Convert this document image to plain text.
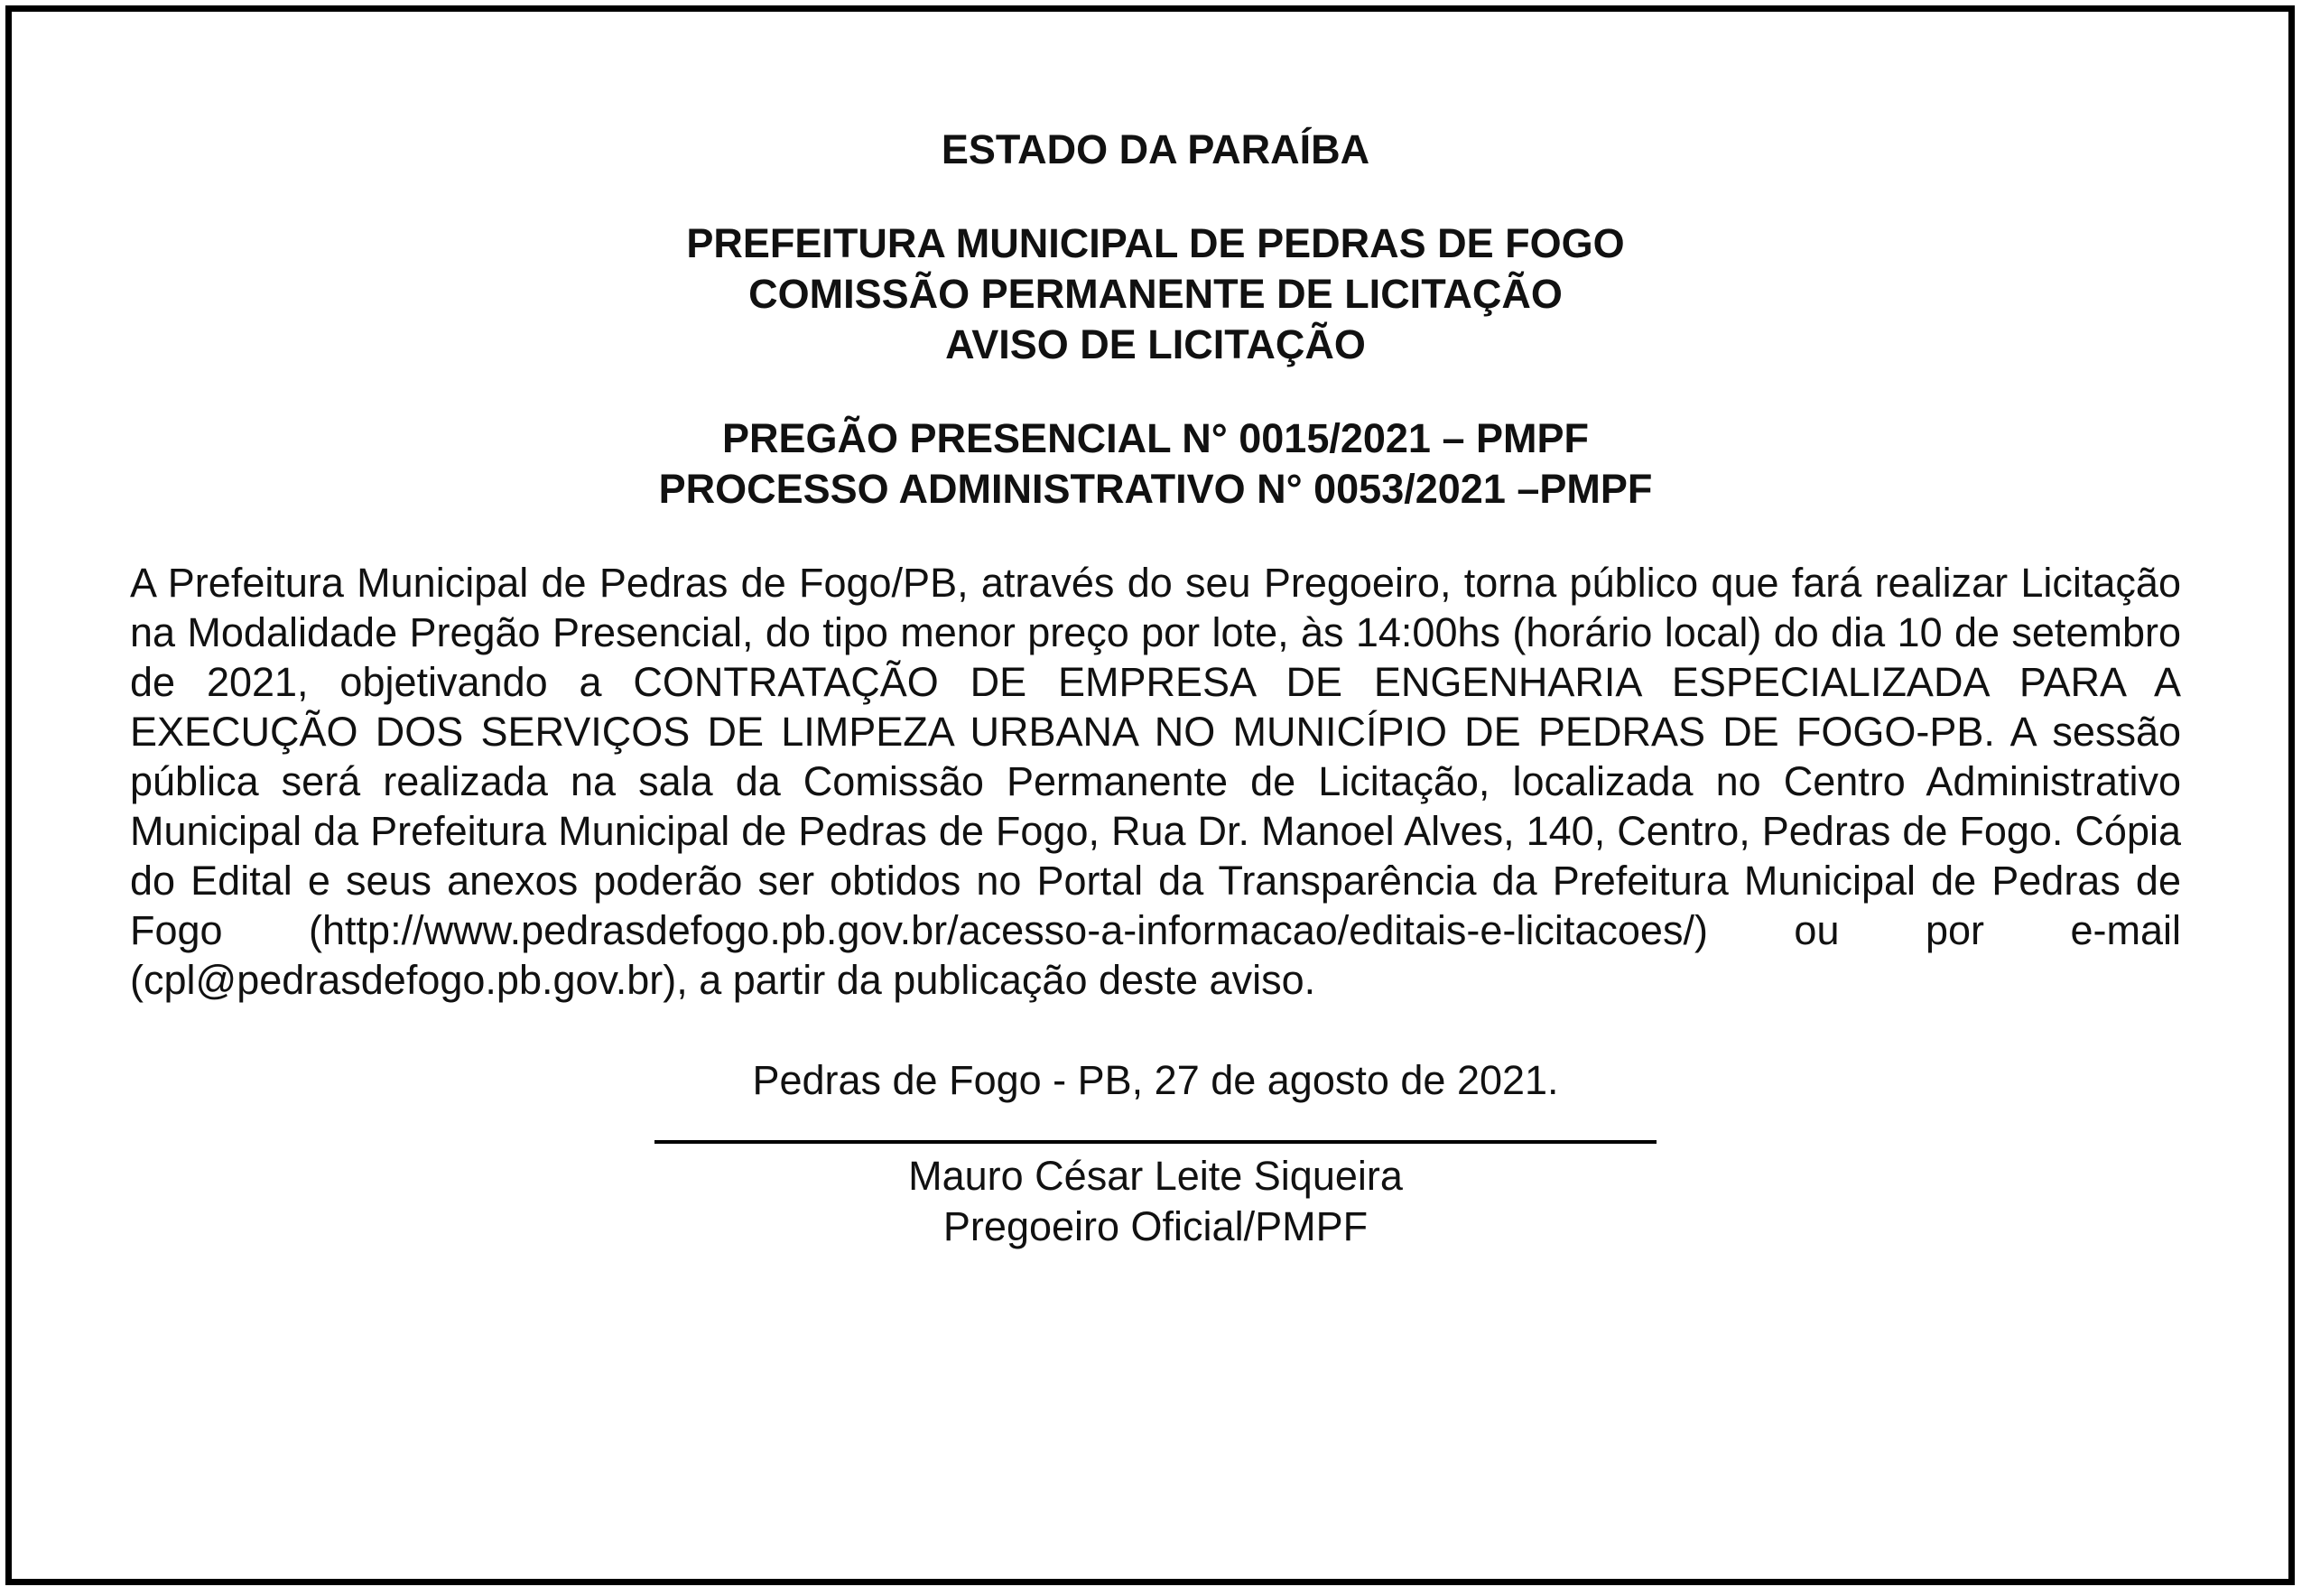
ESTADO DA PARAÍBA

PREFEITURA MUNICIPAL DE PEDRAS DE FOGO

COMISSÃO PERMANENTE DE LICITAÇÃO

AVISO DE LICITAÇÃO

PREGÃO PRESENCIAL N° 0015/2021 – PMPF

PROCESSO ADMINISTRATIVO N° 0053/2021 –PMPF

A Prefeitura Municipal de Pedras de Fogo/PB, através do seu Pregoeiro, torna público que fará realizar Licitação na Modalidade Pregão Presencial, do tipo menor preço por lote, às 14:00hs (horário local) do dia 10 de setembro de 2021, objetivando a CONTRATAÇÃO DE EMPRESA DE ENGENHARIA ESPECIALIZADA PARA A EXECUÇÃO DOS SERVIÇOS DE LIMPEZA URBANA NO MUNICÍPIO DE PEDRAS DE FOGO-PB. A sessão pública será realizada na sala da Comissão Permanente de Licitação, localizada no Centro Administrativo Municipal da Prefeitura Municipal de Pedras de Fogo, Rua Dr. Manoel Alves, 140, Centro, Pedras de Fogo. Cópia do Edital e seus anexos poderão ser obtidos no Portal da Transparência da Prefeitura Municipal de Pedras de Fogo (http://www.pedrasdefogo.pb.gov.br/acesso-a-informacao/editais-e-licitacoes/) ou por e-mail (cpl@pedrasdefogo.pb.gov.br), a partir da publicação deste aviso.

Pedras de Fogo - PB, 27 de agosto de 2021.

Mauro César Leite Siqueira

Pregoeiro Oficial/PMPF
